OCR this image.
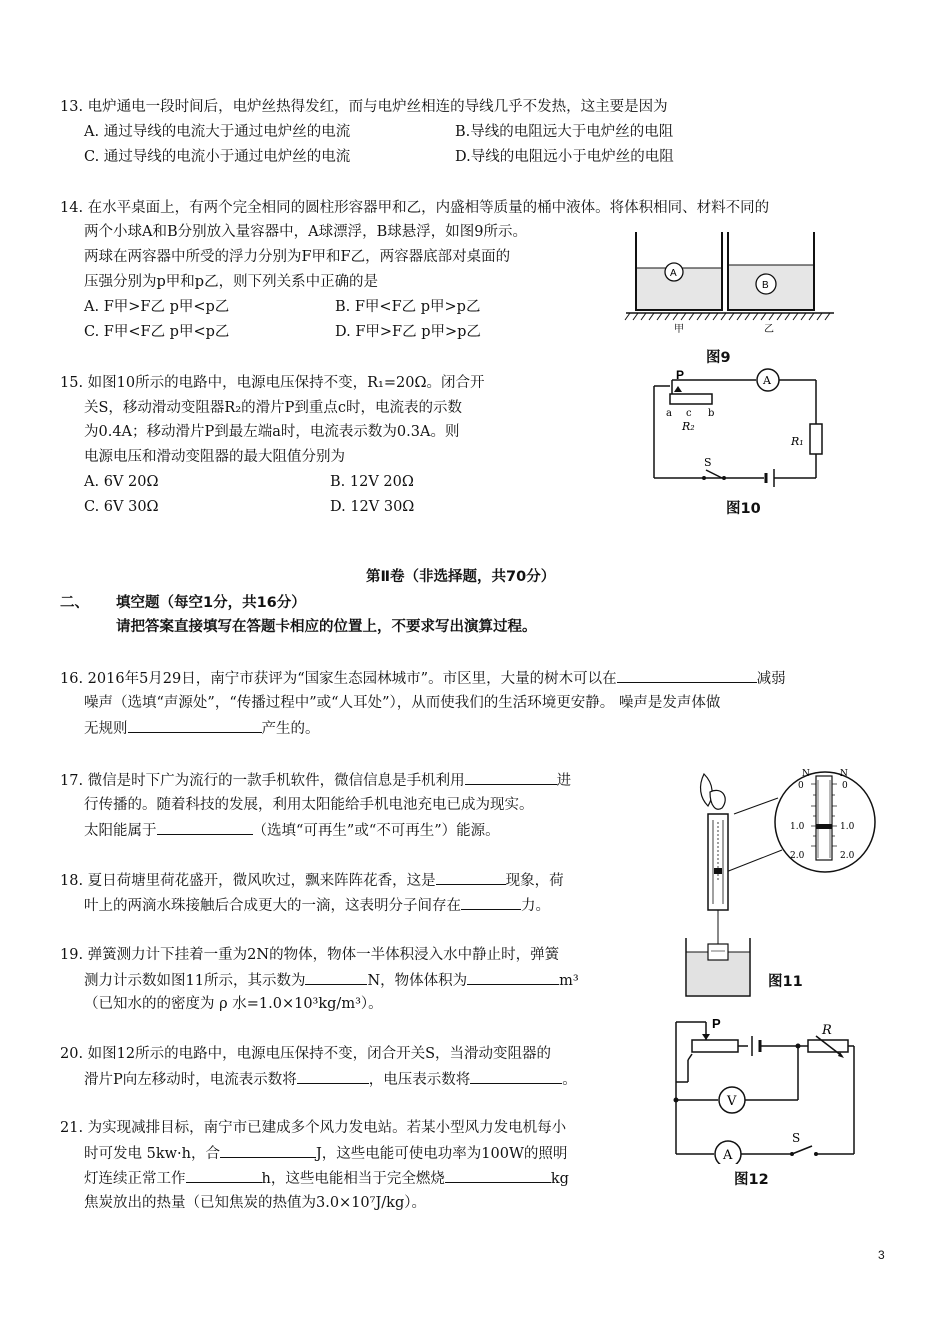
13. 电炉通电一段时间后，电炉丝热得发红，而与电炉丝相连的导线几乎不发热，这主要是因为
A. 通过导线的电流大于通过电炉丝的电流	B.导线的电阻远大于电炉丝的电阻
C. 通过导线的电流小于通过电炉丝的电流	D.导线的电阻远小于电炉丝的电阻
14. 在水平桌面上，有两个完全相同的圆柱形容器甲和乙，内盛相等质量的桶中液体。将体积相同、材料不同的
两个小球A和B分别放入量容器中，A球漂浮，B球悬浮，如图9所示。
两球在两容器中所受的浮力分别为F甲和F乙，两容器底部对桌面的
压强分别为p甲和p乙，则下列关系中正确的是
A. F甲>F乙 p甲<p乙	B. F甲<F乙 p甲>p乙
C. F甲<F乙 p甲<p乙	D. F甲>F乙 p甲>p乙
A
B
甲	乙
图9
15. 如图10所示的电路中，电源电压保持不变，R₁=20Ω。闭合开
关S，移动滑动变阻器R₂的滑片P到重点c时，电流表的示数
为0.4A；移动滑片P到最左端a时，电流表示数为0.3A。则
电源电压和滑动变阻器的最大阻值分别为
A. 6V 20Ω	B. 12V 20Ω
C. 6V 30Ω	D. 12V 30Ω
P
a c b
R₂
R₁
S
A
图10
第Ⅱ卷（非选择题，共70分）
二、 填空题（每空1分，共16分）
请把答案直接填写在答题卡相应的位置上，不要求写出演算过程。
16. 2016年5月29日，南宁市获评为“国家生态园林城市”。市区里，大量的树木可以在	减弱
噪声（选填“声源处”，“传播过程中”或“人耳处”），从而使我们的生活环境更安静。 噪声是发声体做
无规则	产生的。
17. 微信是时下广为流行的一款手机软件，微信信息是手机利用	进
行传播的。随着科技的发展，利用太阳能给手机电池充电已成为现实。
太阳能属于	（选填“可再生”或“不可再生”）能源。
18. 夏日荷塘里荷花盛开，微风吹过，飘来阵阵花香，这是	现象，荷
叶上的两滴水珠接触后合成更大的一滴，这表明分子间存在	力。
19. 弹簧测力计下挂着一重为2N的物体，物体一半体积浸入水中静止时，弹簧
测力计示数如图11所示，其示数为	N，物体体积为	m³
（已知水的的密度为 ρ 水=1.0×10³kg/m³）。
N	N
0	0
1.0	1.0
2.0	2.0
图11
20. 如图12所示的电路中，电源电压保持不变，闭合开关S，当滑动变阻器的
滑片P向左移动时，电流表示数将	，电压表示数将	。
P	R
V
A
S
图12
21. 为实现减排目标，南宁市已建成多个风力发电站。若某小型风力发电机每小
时可发电 5kw·h，合	J，这些电能可使电功率为100W的照明
灯连续正常工作	h，这些电能相当于完全燃烧	kg
焦炭放出的热量（已知焦炭的热值为3.0×10⁷J/kg）。
3
